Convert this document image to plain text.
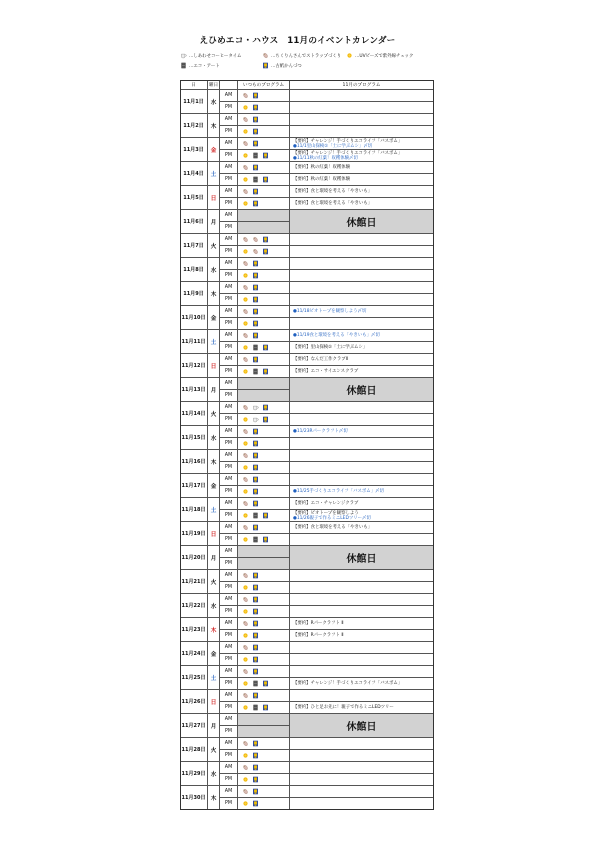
えひめエコ・ハウス　11月のイベントカレンダー
…しあわせコーヒータイム	…ちくりんさんでストラップづくり	…UVビーズで紫外線チェック
…エコ・アート	…古紙かんづつ
日	曜日	いつものプログラム	11月のプログラム
11月1日	水
AM
PM
11月2日	木
AM
PM
11月3日	金
AM	【要約】チャレンジ！手づくりエコライフ「バスボム」
●11/1里山探検②「土に学ぶムシ」〆切
PM	【要約】チャレンジ！手づくりエコライフ「バスボム」
●11/11秋の紅葉！収穫体験〆切
11月4日	土
AM	【要約】秋の紅葉！収穫体験
PM	【要約】秋の紅葉！収穫体験
11月5日	日
AM	【要約】食と環境を考える「やきいも」
PM	【要約】食と環境を考える「やきいも」
11月6日	月
AM
PM	休館日
11月7日	火
AM
PM
11月8日	水
AM
PM
11月9日	木
AM
PM
11月10日 金
AM	●11/18ビオトープを観察しよう〆切
PM
11月11日 土
AM	●11/19食と環境を考える「やきいも」〆切
PM	【要約】里山探検②「土に学ぶムシ」
11月12日 日
AM	【要約】なんだ工作クラブⅡ
PM	【要約】エコ・サイエンスクラブ
11月13日 月
AM
PM	休館日
11月14日 火
AM
PM
11月15日 水
AM	●11/23Rパークラフト〆切
PM
11月16日 木
AM
PM
11月17日 金
AM
PM	●11/25手づくりエコライフ「バスボム」〆切
11月18日 土
AM	【要約】エコ・チャレンジクラブ
PM	【要約】ビオトープを観察しよう
●11/26親子で作るミニLEDツリー〆切
11月19日 日
AM	【要約】食と環境を考える「やきいも」
PM
11月20日 月
AM
PM	休館日
11月21日 火
AM
PM
11月22日 水
AM
PM
11月23日 木
AM	【要約】Rパークラフト Ⅱ
PM	【要約】Rパークラフト Ⅱ
11月24日 金
AM
PM
11月25日 土
AM
PM	【要約】チャレンジ！手づくりエコライフ「バスボム」
11月26日 日
AM
PM	【要約】ひと足お先に！親子で作るミニLEDツリー
11月27日 月
AM
PM	休館日
11月28日 火
AM
PM
11月29日 水
AM
PM
11月30日 木
AM
PM
